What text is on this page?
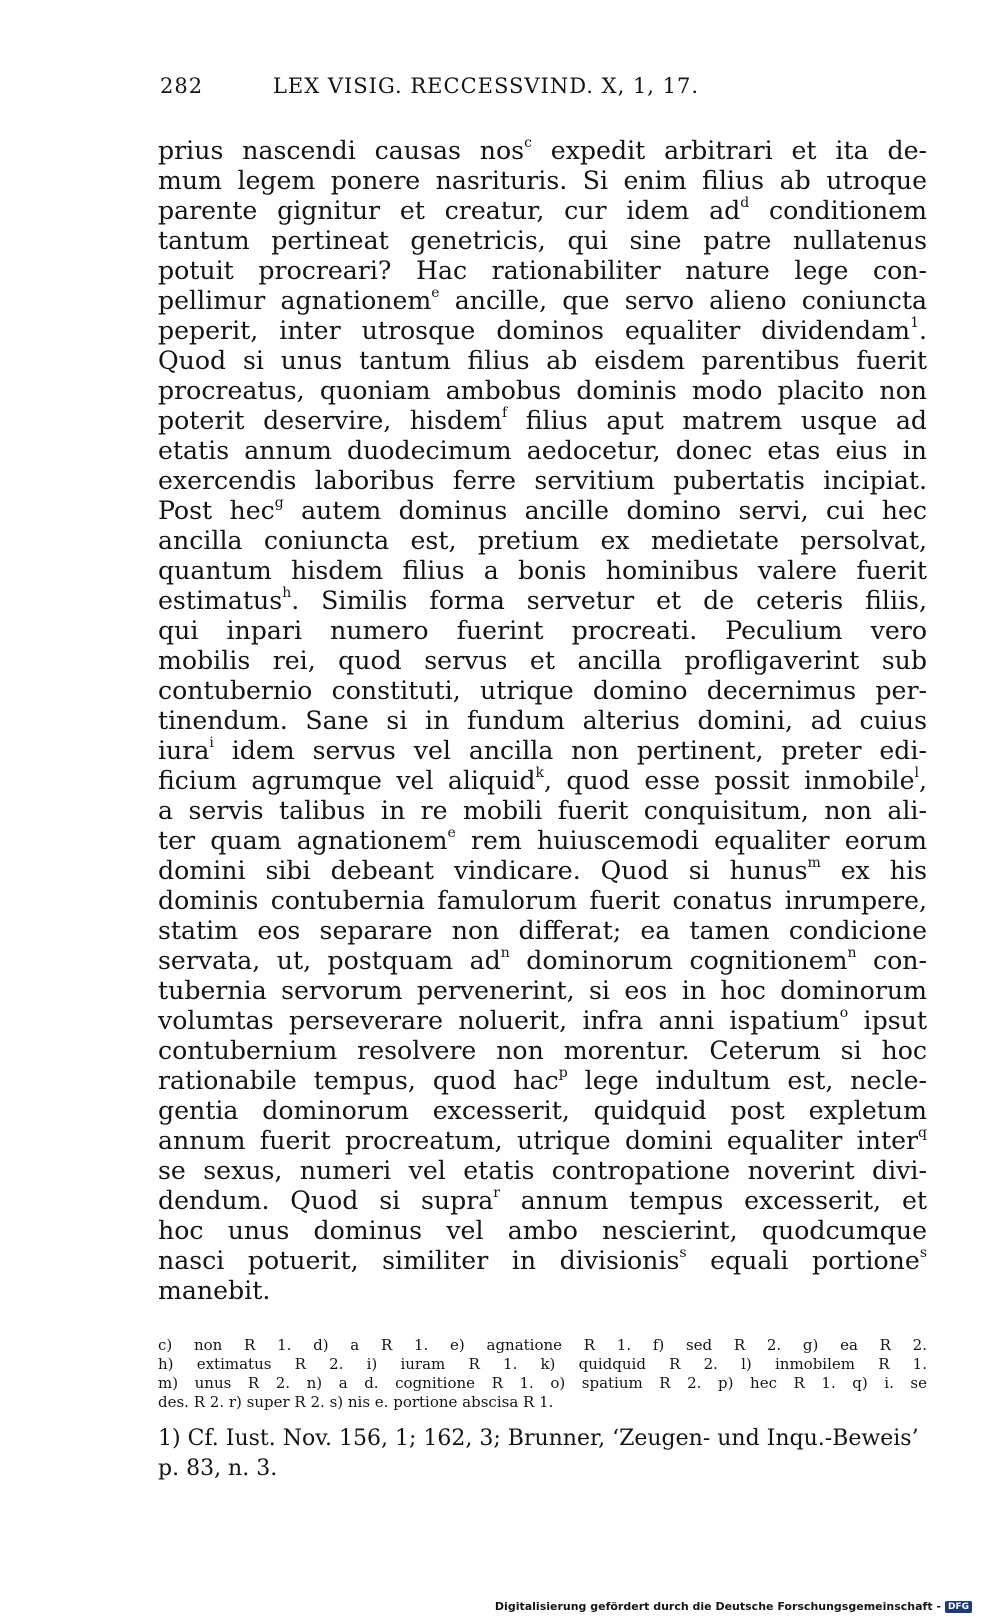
282	LEX VISIG. RECCESSVIND. X, 1, 17.
prius nascendi causas nos$^c$ expedit arbitrari et ita de-
mum legem ponere nasrituris. Si enim filius ab utroque
parente gignitur et creatur, cur idem $ad^d$ conditionem
tantum pertineat genetricis, qui sine patre nullatenus
potuit procreari? Hac rationabiliter nature lege con-
pellimur agnationem$^e$ ancille, que servo alieno coniuncta
peperit, inter utrosque dominos equaliter dividendam$^1$.
Quod si unus tantum filius ab eisdem parentibus fuerit
procreatus, quoniam ambobus dominis modo placito non
poterit deservire, hisdem$^f$ filius aput matrem usque ad
etatis annum duodecimum aedocetur, donec etas eius in
exercendis laboribus ferre servitium pubertatis incipiat.
Post hec$^g$ autem dominus ancille domino servi, cui hec
ancilla coniuncta est, pretium ex medietate persolvat,
quantum hisdem filius a bonis hominibus valere fuerit
estimatus$^h$. Similis forma servetur et de ceteris filiis,
qui inpari numero fuerint procreati. Peculium vero
mobilis rei, quod servus et ancilla profligaverint sub
contubernio constituti, utrique domino decernimus per-
tinendum. Sane si in fundum alterius domini, ad cuius
iura$^i$ idem servus vel ancilla non pertinent, preter edi-
ficium agrumque vel aliquid$^k$, quod esse possit inmobile$^l$,
a servis talibus in re mobili fuerit conquisitum, non ali-
ter quam agnationem$^e$ rem huiuscemodi equaliter eorum
domini sibi debeant vindicare. Quod si hunus$^m$ ex his
dominis contubernia famulorum fuerit conatus inrumpere,
statim eos separare non differat; ea tamen condicione
servata, ut, postquam $ad^n$ dominorum cognitionem$^n$ con-
tubernia servorum pervenerint, si eos in hoc dominorum
volumtas perseverare noluerit, infra anni ispatium$^o$ ipsut
contubernium resolvere non morentur. Ceterum si hoc
rationabile tempus, quod hac$^p$ lege indultum est, necle-
gentia dominorum excesserit, quidquid post expletum
annum fuerit procreatum, utrique domini equaliter inter$^q$
se sexus, numeri vel etatis contropatione noverint divi-
dendum. Quod si supra$^r$ annum tempus excesserit, et
hoc unus dominus vel ambo nescierint, quodcumque
nasci potuerit, similiter in divisionis$^s$ equali portione$^s$
manebit.
c) non R 1. d) a R 1. e) agnatione R 1. f) sed R 2. g) ea R 2.
h) extimatus R 2. i) iuram R 1. k) quidquid R 2. l) inmobilem R 1.
m) unus R 2. n) a d. cognitione R 1. o) spatium R 2. p) hec R 1. q) i. se
des. R 2. r) super R 2. s) nis e. portione abscisa R 1.
1) Cf. Iust. Nov. 156, 1; 162, 3; Brunner, ‘Zeugen- und Inqu.-Beweis’
p. 83, n. 3.
Digitalisierung gefördert durch die Deutsche Forschungsgemeinschaft - DFG
